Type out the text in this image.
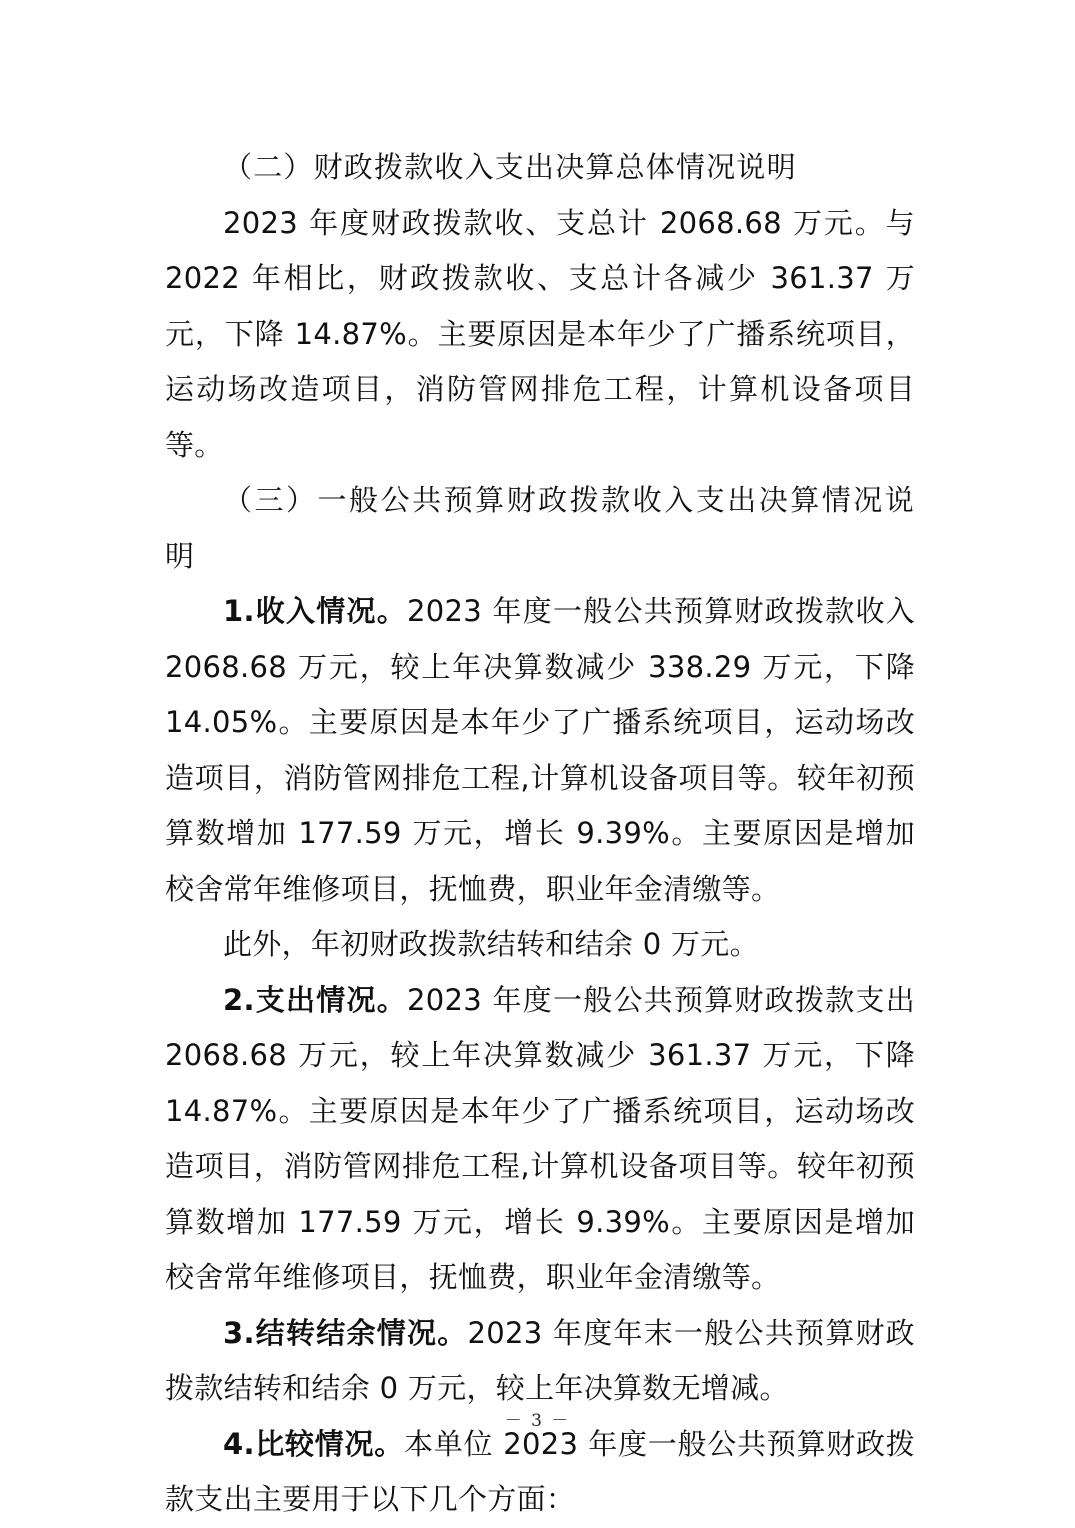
（二）财政拨款收入支出决算总体情况说明

2023 年度财政拨款收、支总计 2068.68 万元。与 2022 年相比，财政拨款收、支总计各减少 361.37 万元，下降 14.87%。主要原因是本年少了广播系统项目，运动场改造项目，消防管网排危工程，计算机设备项目等。

（三）一般公共预算财政拨款收入支出决算情况说明

1.收入情况。2023 年度一般公共预算财政拨款收入 2068.68 万元，较上年决算数减少 338.29 万元，下降 14.05%。主要原因是本年少了广播系统项目，运动场改造项目，消防管网排危工程,计算机设备项目等。较年初预算数增加 177.59 万元，增长 9.39%。主要原因是增加校舍常年维修项目，抚恤费，职业年金清缴等。

此外，年初财政拨款结转和结余 0 万元。

2.支出情况。2023 年度一般公共预算财政拨款支出 2068.68 万元，较上年决算数减少 361.37 万元，下降 14.87%。主要原因是本年少了广播系统项目，运动场改造项目，消防管网排危工程,计算机设备项目等。较年初预算数增加 177.59 万元，增长 9.39%。主要原因是增加校舍常年维修项目，抚恤费，职业年金清缴等。

3.结转结余情况。2023 年度年末一般公共预算财政拨款结转和结余 0 万元，较上年决算数无增减。

4.比较情况。本单位 2023 年度一般公共预算财政拨款支出主要用于以下几个方面：

－ 3 －
